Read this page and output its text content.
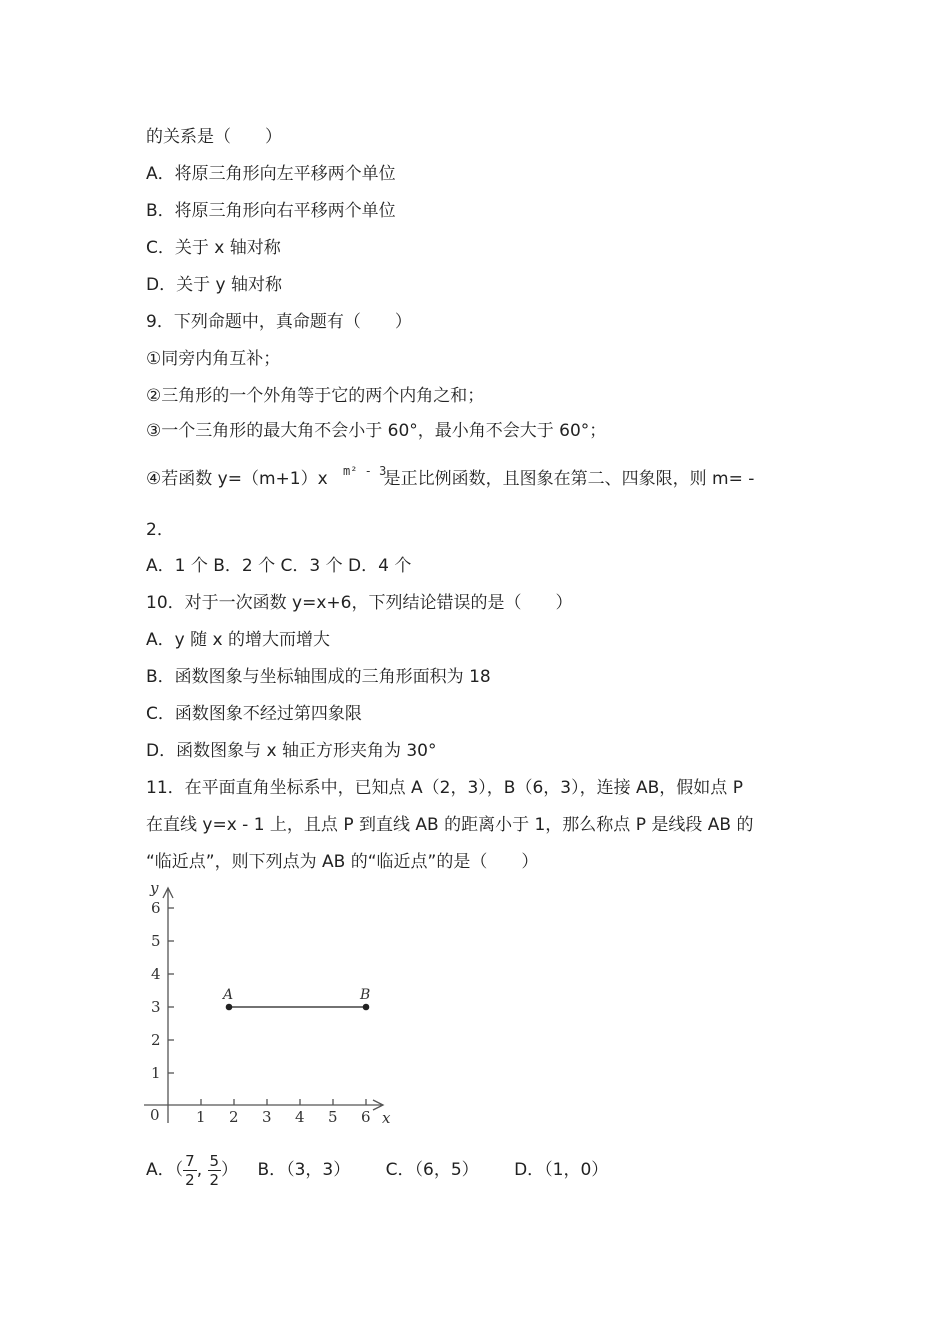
的关系是（　　）
A．将原三角形向左平移两个单位
B．将原三角形向右平移两个单位
C．关于 x 轴对称
D．关于 y 轴对称
9．下列命题中，真命题有（　　）
①同旁内角互补；
②三角形的一个外角等于它的两个内角之和；
③一个三角形的最大角不会小于 60°，最小角不会大于 60°；
④若函数 y=（m+1）x	是正比例函数，且图象在第二、四象限，则 m= -
m² - 3
2．
A．1 个 B．2 个 C．3 个 D．4 个
10．对于一次函数 y=x+6，下列结论错误的是（　　）
A．y 随 x 的增大而增大
B．函数图象与坐标轴围成的三角形面积为 18
C．函数图象不经过第四象限
D．函数图象与 x 轴正方形夹角为 30°
11．在平面直角坐标系中，已知点 A（2，3），B（6，3），连接 AB，假如点 P
在直线 y=x - 1 上，且点 P 到直线 AB 的距离小于 1，那么称点 P 是线段 AB 的
“临近点”，则下列点为 AB 的“临近点”的是（　　）
y
x
0
A	B
1
2
3
4
5
6
1 2 3 4 5 6
A．（ $\frac{7}{2}$ , $\frac{5}{2}$ ） B．（3，3） C．（6，5） D．（1，0）
